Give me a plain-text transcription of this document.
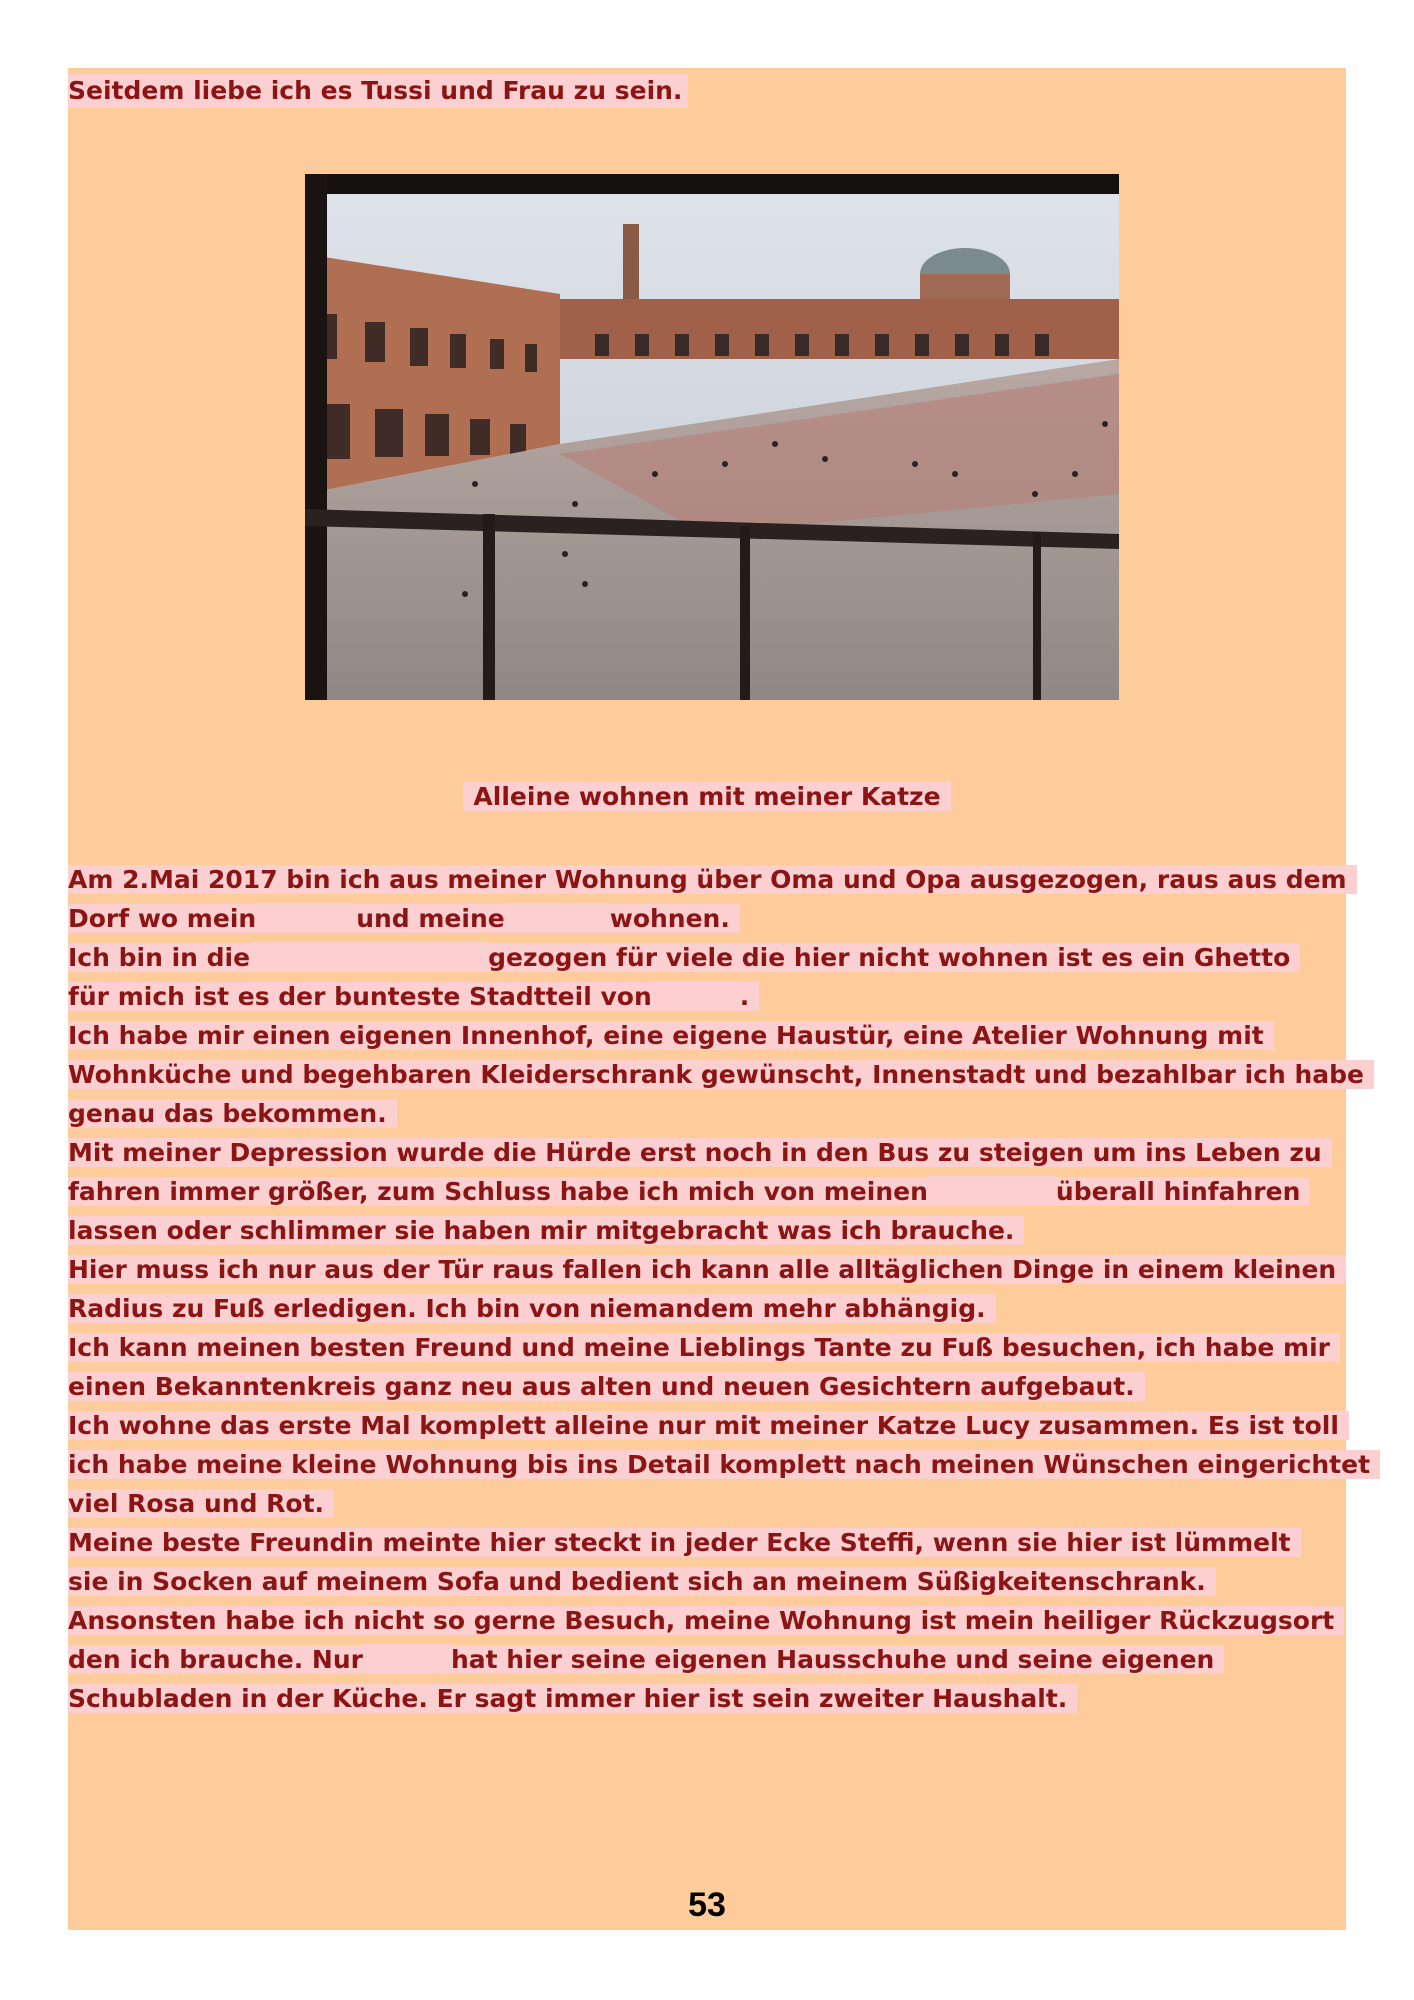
Seitdem liebe ich es Tussi und Frau zu sein.
Alleine wohnen mit meiner Katze
Am 2.Mai 2017 bin ich aus meiner Wohnung über Oma und Opa ausgezogen, raus aus dem
Dorf wo mein	und meine	wohnen.
Ich bin in die	gezogen für viele die hier nicht wohnen ist es ein Ghetto
für mich ist es der bunteste Stadtteil von	.
Ich habe mir einen eigenen Innenhof, eine eigene Haustür, eine Atelier Wohnung mit
Wohnküche und begehbaren Kleiderschrank gewünscht, Innenstadt und bezahlbar ich habe
genau das bekommen.
Mit meiner Depression wurde die Hürde erst noch in den Bus zu steigen um ins Leben zu
fahren immer größer, zum Schluss habe ich mich von meinen	überall hinfahren
lassen oder schlimmer sie haben mir mitgebracht was ich brauche.
Hier muss ich nur aus der Tür raus fallen ich kann alle alltäglichen Dinge in einem kleinen
Radius zu Fuß erledigen. Ich bin von niemandem mehr abhängig.
Ich kann meinen besten Freund und meine Lieblings Tante zu Fuß besuchen, ich habe mir
einen Bekanntenkreis ganz neu aus alten und neuen Gesichtern aufgebaut.
Ich wohne das erste Mal komplett alleine nur mit meiner Katze Lucy zusammen. Es ist toll
ich habe meine kleine Wohnung bis ins Detail komplett nach meinen Wünschen eingerichtet
viel Rosa und Rot.
Meine beste Freundin meinte hier steckt in jeder Ecke Steffi, wenn sie hier ist lümmelt
sie in Socken auf meinem Sofa und bedient sich an meinem Süßigkeitenschrank.
Ansonsten habe ich nicht so gerne Besuch, meine Wohnung ist mein heiliger Rückzugsort
den ich brauche. Nur	hat hier seine eigenen Hausschuhe und seine eigenen
Schubladen in der Küche. Er sagt immer hier ist sein zweiter Haushalt.
53
